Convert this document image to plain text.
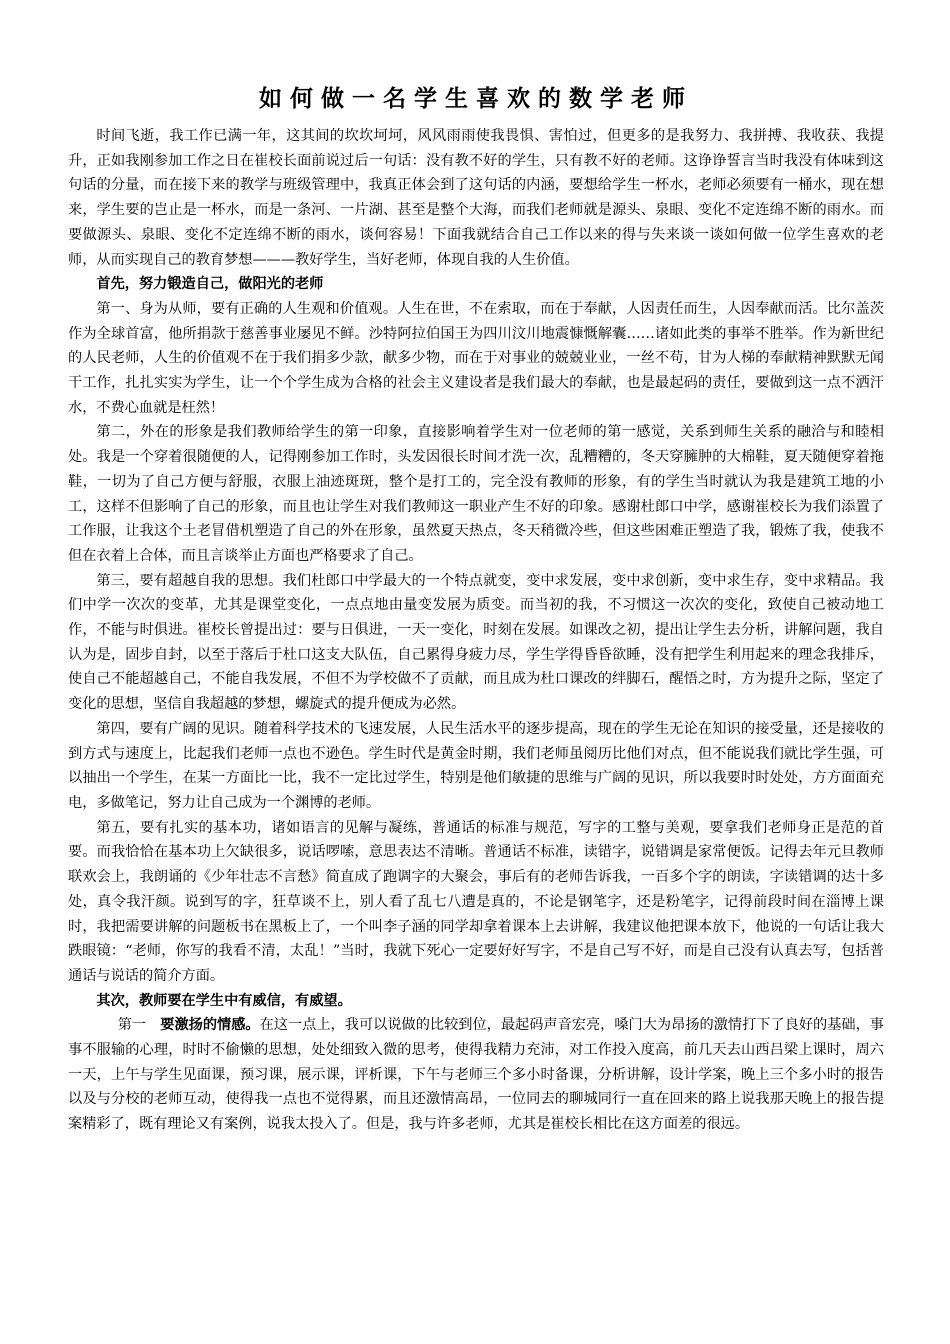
如何做一名学生喜欢的数学老师

时间飞逝，我工作已满一年，这其间的坎坎坷坷，风风雨雨使我畏惧、害怕过，但更多的是我努力、我拼搏、我收获、我提升，正如我刚参加工作之日在崔校长面前说过后一句话：没有教不好的学生，只有教不好的老师。这诤诤誓言当时我没有体味到这句话的分量，而在接下来的教学与班级管理中，我真正体会到了这句话的内涵，要想给学生一杯水，老师必须要有一桶水，现在想来，学生要的岂止是一杯水，而是一条河、一片湖、甚至是整个大海，而我们老师就是源头、泉眼、变化不定连绵不断的雨水。而要做源头、泉眼、变化不定连绵不断的雨水，谈何容易！下面我就结合自己工作以来的得与失来谈一谈如何做一位学生喜欢的老师，从而实现自己的教育梦想———教好学生，当好老师，体现自我的人生价值。

首先，努力锻造自己，做阳光的老师

第一、身为从师，要有正确的人生观和价值观。人生在世，不在索取，而在于奉献，人因责任而生，人因奉献而活。比尔盖茨作为全球首富，他所捐款于慈善事业屡见不鲜。沙特阿拉伯国王为四川汶川地震慷慨解囊……诸如此类的事举不胜举。作为新世纪的人民老师，人生的价值观不在于我们捐多少款，献多少物，而在于对事业的兢兢业业，一丝不苟，甘为人梯的奉献精神默默无闻干工作，扎扎实实为学生，让一个个学生成为合格的社会主义建设者是我们最大的奉献，也是最起码的责任，要做到这一点不洒汗水，不费心血就是枉然！

第二，外在的形象是我们教师给学生的第一印象，直接影响着学生对一位老师的第一感觉，关系到师生关系的融洽与和睦相处。我是一个穿着很随便的人，记得刚参加工作时，头发因很长时间才洗一次，乱糟糟的，冬天穿臃肿的大棉鞋，夏天随便穿着拖鞋，一切为了自己方便与舒服，衣服上油迹斑斑，整个是打工的，完全没有教师的形象，有的学生当时就认为我是建筑工地的小工，这样不但影响了自己的形象，而且也让学生对我们教师这一职业产生不好的印象。感谢杜郎口中学，感谢崔校长为我们添置了工作服，让我这个土老冒借机塑造了自己的外在形象，虽然夏天热点，冬天稍微冷些，但这些困难正塑造了我，锻炼了我，使我不但在衣着上合体，而且言谈举止方面也严格要求了自己。

第三，要有超越自我的思想。我们杜郎口中学最大的一个特点就变，变中求发展，变中求创新，变中求生存，变中求精品。我们中学一次次的变革，尤其是课堂变化，一点点地由量变发展为质变。而当初的我，不习惯这一次次的变化，致使自己被动地工作，不能与时俱进。崔校长曾提出过：要与日俱进，一天一变化，时刻在发展。如课改之初，提出让学生去分析，讲解问题，我自认为是，固步自封，以至于落后于杜口这支大队伍，自己累得身疲力尽，学生学得昏昏欲睡，没有把学生利用起来的理念我排斥，使自己不能超越自己，不能自我发展，不但不为学校做不了贡献，而且成为杜口课改的绊脚石，醒悟之时，方为提升之际，坚定了变化的思想，坚信自我超越的梦想，螺旋式的提升便成为必然。

第四，要有广阔的见识。随着科学技术的飞速发展，人民生活水平的逐步提高，现在的学生无论在知识的接受量，还是接收的到方式与速度上，比起我们老师一点也不逊色。学生时代是黄金时期，我们老师虽阅历比他们对点，但不能说我们就比学生强，可以抽出一个学生，在某一方面比一比，我不一定比过学生，特别是他们敏捷的思维与广阔的见识，所以我要时时处处，方方面面充电，多做笔记，努力让自己成为一个渊博的老师。

第五，要有扎实的基本功，诸如语言的见解与凝练，普通话的标准与规范，写字的工整与美观，要拿我们老师身正是范的首要。而我恰恰在基本功上欠缺很多，说话啰嗦，意思表达不清晰。普通话不标准，读错字，说错调是家常便饭。记得去年元旦教师联欢会上，我朗诵的《少年壮志不言愁》简直成了跑调字的大聚会，事后有的老师告诉我，一百多个字的朗读，字读错调的达十多处，真令我汗颜。说到写的字，狂草谈不上，别人看了乱七八遭是真的，不论是钢笔字，还是粉笔字，记得前段时间在淄博上课时，我把需要讲解的问题板书在黑板上了，一个叫李子涵的同学却拿着课本上去讲解，我建议他把课本放下，他说的一句话让我大跌眼镜：“老师，你写的我看不清，太乱！”当时，我就下死心一定要好好写字，不是自己写不好，而是自己没有认真去写，包括普通话与说话的简介方面。

其次，教师要在学生中有威信，有威望。

第一 要激扬的情感。在这一点上，我可以说做的比较到位，最起码声音宏亮，嗓门大为昂扬的激情打下了良好的基础，事事不服输的心理，时时不偷懒的思想，处处细致入微的思考，使得我精力充沛，对工作投入度高，前几天去山西吕梁上课时，周六一天，上午与学生见面课，预习课，展示课，评析课，下午与老师三个多小时备课，分析讲解，设计学案，晚上三个多小时的报告以及与分校的老师互动，使得我一点也不觉得累，而且还激情高昂，一位同去的聊城同行一直在回来的路上说我那天晚上的报告提案精彩了，既有理论又有案例，说我太投入了。但是，我与许多老师，尤其是崔校长相比在这方面差的很远。
